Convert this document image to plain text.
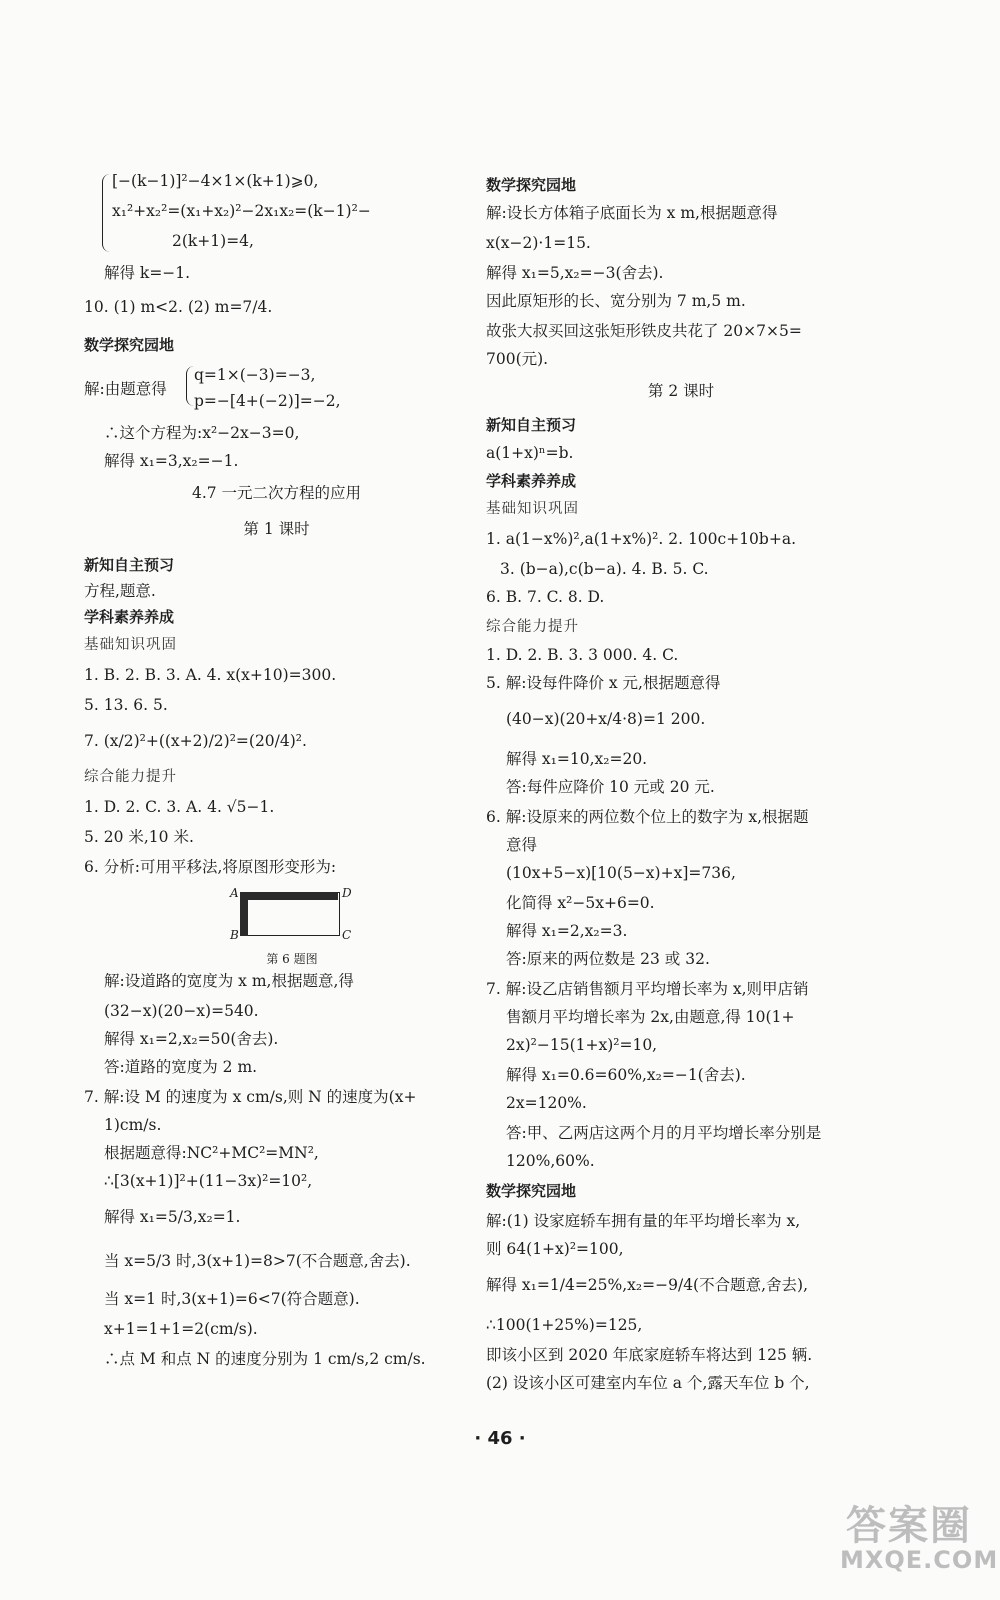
[−(k−1)]²−4×1×(k+1)⩾0,
x₁²+x₂²=(x₁+x₂)²−2x₁x₂=(k−1)²−
2(k+1)=4,
解得 k=−1.
10. (1) m<2. (2) m=7/4.
数学探究园地
解:由题意得
q=1×(−3)=−3,
p=−[4+(−2)]=−2,
∴这个方程为:x²−2x−3=0,
解得 x₁=3,x₂=−1.
4.7 一元二次方程的应用
第 1 课时
新知自主预习
方程,题意.
学科素养养成
基础知识巩固
1. B. 2. B. 3. A. 4. x(x+10)=300.
5. 13. 6. 5.
7. (x/2)²+((x+2)/2)²=(20/4)².
综合能力提升
1. D. 2. C. 3. A. 4. √5−1.
5. 20 米,10 米.
6. 分析:可用平移法,将原图形变形为:
A	D
B	C
第 6 题图
解:设道路的宽度为 x m,根据题意,得
(32−x)(20−x)=540.
解得 x₁=2,x₂=50(舍去).
答:道路的宽度为 2 m.
7. 解:设 M 的速度为 x cm/s,则 N 的速度为(x+
1)cm/s.
根据题意得:NC²+MC²=MN²,
∴[3(x+1)]²+(11−3x)²=10²,
解得 x₁=5/3,x₂=1.
当 x=5/3 时,3(x+1)=8>7(不合题意,舍去).
当 x=1 时,3(x+1)=6<7(符合题意).
x+1=1+1=2(cm/s).
∴点 M 和点 N 的速度分别为 1 cm/s,2 cm/s.
数学探究园地
解:设长方体箱子底面长为 x m,根据题意得
x(x−2)·1=15.
解得 x₁=5,x₂=−3(舍去).
因此原矩形的长、宽分别为 7 m,5 m.
故张大叔买回这张矩形铁皮共花了 20×7×5=
700(元).
第 2 课时
新知自主预习
a(1+x)ⁿ=b.
学科素养养成
基础知识巩固
1. a(1−x%)²,a(1+x%)². 2. 100c+10b+a.
3. (b−a),c(b−a). 4. B. 5. C.
6. B. 7. C. 8. D.
综合能力提升
1. D. 2. B. 3. 3 000. 4. C.
5. 解:设每件降价 x 元,根据题意得
(40−x)(20+x/4·8)=1 200.
解得 x₁=10,x₂=20.
答:每件应降价 10 元或 20 元.
6. 解:设原来的两位数个位上的数字为 x,根据题
意得
(10x+5−x)[10(5−x)+x]=736,
化简得 x²−5x+6=0.
解得 x₁=2,x₂=3.
答:原来的两位数是 23 或 32.
7. 解:设乙店销售额月平均增长率为 x,则甲店销
售额月平均增长率为 2x,由题意,得 10(1+
2x)²−15(1+x)²=10,
解得 x₁=0.6=60%,x₂=−1(舍去).
2x=120%.
答:甲、乙两店这两个月的月平均增长率分别是
120%,60%.
数学探究园地
解:(1) 设家庭轿车拥有量的年平均增长率为 x,
则 64(1+x)²=100,
解得 x₁=1/4=25%,x₂=−9/4(不合题意,舍去),
∴100(1+25%)=125,
即该小区到 2020 年底家庭轿车将达到 125 辆.
(2) 设该小区可建室内车位 a 个,露天车位 b 个,
· 46 ·
答案圈
MXQE.COM
